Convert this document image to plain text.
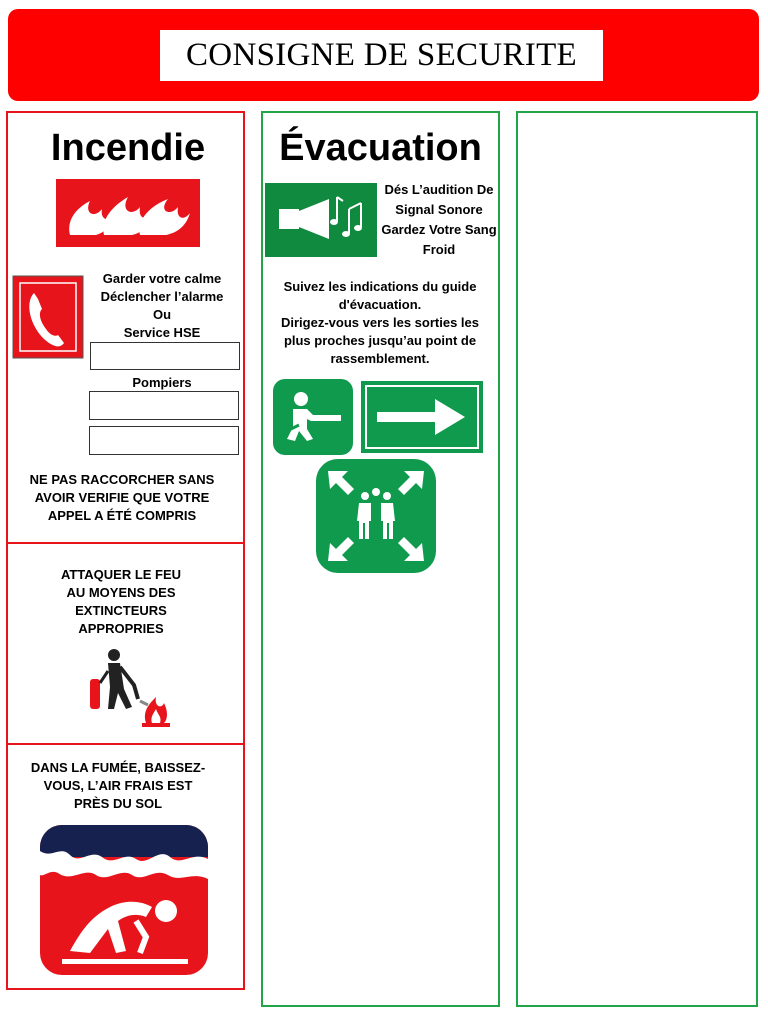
CONSIGNE DE SECURITE
Incendie
Garder votre calme
Déclencher l’alarme
Ou
Service HSE
Pompiers
NE PAS RACCORCHER SANS
AVOIR VERIFIE QUE VOTRE
APPEL A ÉTÉ COMPRIS
ATTAQUER LE FEU
AU MOYENS DES
EXTINCTEURS
APPROPRIES
DANS LA FUMÉE, BAISSEZ-
VOUS, L’AIR FRAIS EST
PRÈS DU SOL
Évacuation
Dés L’audition De
Signal Sonore
Gardez Votre Sang
Froid
Suivez les indications du guide
d'évacuation.
Dirigez-vous vers les sorties les
plus proches jusqu’au point de
rassemblement.
